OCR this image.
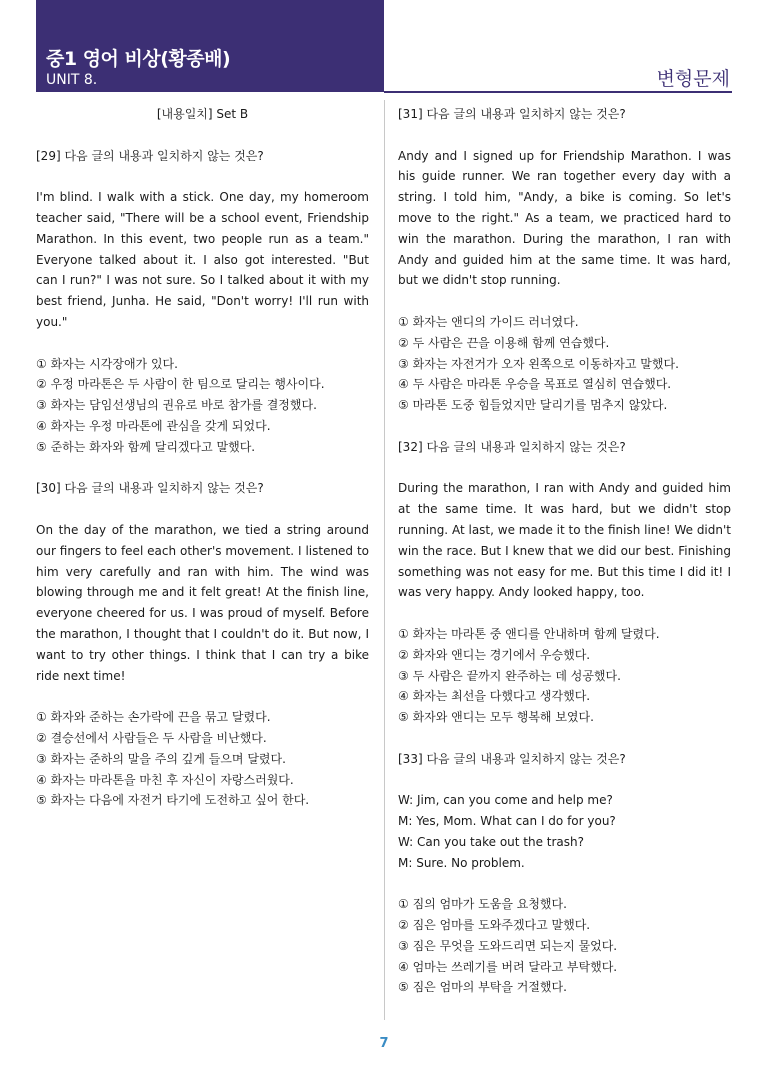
중1 영어 비상(황종배)
UNIT 8.	변형문제

[내용일치] Set B

[29] 다음 글의 내용과 일치하지 않는 것은?

I'm blind. I walk with a stick. One day, my homeroom teacher said, "There will be a school event, Friendship Marathon. In this event, two people run as a team." Everyone talked about it. I also got interested. "But can I run?" I was not sure. So I talked about it with my best friend, Junha. He said, "Don't worry! I'll run with you."

① 화자는 시각장애가 있다.
② 우정 마라톤은 두 사람이 한 팀으로 달리는 행사이다.
③ 화자는 담임선생님의 권유로 바로 참가를 결정했다.
④ 화자는 우정 마라톤에 관심을 갖게 되었다.
⑤ 준하는 화자와 함께 달리겠다고 말했다.

[30] 다음 글의 내용과 일치하지 않는 것은?

On the day of the marathon, we tied a string around our fingers to feel each other's movement. I listened to him very carefully and ran with him. The wind was blowing through me and it felt great! At the finish line, everyone cheered for us. I was proud of myself. Before the marathon, I thought that I couldn't do it. But now, I want to try other things. I think that I can try a bike ride next time!

① 화자와 준하는 손가락에 끈을 묶고 달렸다.
② 결승선에서 사람들은 두 사람을 비난했다.
③ 화자는 준하의 말을 주의 깊게 들으며 달렸다.
④ 화자는 마라톤을 마친 후 자신이 자랑스러웠다.
⑤ 화자는 다음에 자전거 타기에 도전하고 싶어 한다.

[31] 다음 글의 내용과 일치하지 않는 것은?

Andy and I signed up for Friendship Marathon. I was his guide runner. We ran together every day with a string. I told him, "Andy, a bike is coming. So let's move to the right." As a team, we practiced hard to win the marathon. During the marathon, I ran with Andy and guided him at the same time. It was hard, but we didn't stop running.

① 화자는 앤디의 가이드 러너였다.
② 두 사람은 끈을 이용해 함께 연습했다.
③ 화자는 자전거가 오자 왼쪽으로 이동하자고 말했다.
④ 두 사람은 마라톤 우승을 목표로 열심히 연습했다.
⑤ 마라톤 도중 힘들었지만 달리기를 멈추지 않았다.

[32] 다음 글의 내용과 일치하지 않는 것은?

During the marathon, I ran with Andy and guided him at the same time. It was hard, but we didn't stop running. At last, we made it to the finish line! We didn't win the race. But I knew that we did our best. Finishing something was not easy for me. But this time I did it! I was very happy. Andy looked happy, too.

① 화자는 마라톤 중 앤디를 안내하며 함께 달렸다.
② 화자와 앤디는 경기에서 우승했다.
③ 두 사람은 끝까지 완주하는 데 성공했다.
④ 화자는 최선을 다했다고 생각했다.
⑤ 화자와 앤디는 모두 행복해 보였다.

[33] 다음 글의 내용과 일치하지 않는 것은?

W: Jim, can you come and help me?

M: Yes, Mom. What can I do for you?

W: Can you take out the trash?

M: Sure. No problem.

① 짐의 엄마가 도움을 요청했다.
② 짐은 엄마를 도와주겠다고 말했다.
③ 짐은 무엇을 도와드리면 되는지 물었다.
④ 엄마는 쓰레기를 버려 달라고 부탁했다.
⑤ 짐은 엄마의 부탁을 거절했다.
7
